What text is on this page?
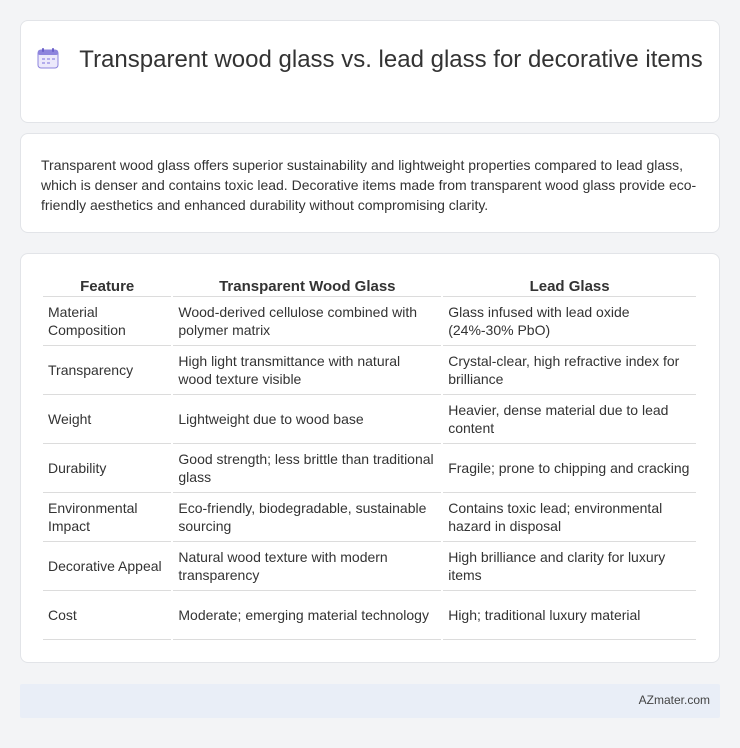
Transparent wood glass vs. lead glass for decorative items

Transparent wood glass offers superior sustainability and lightweight properties compared to lead glass, which is denser and contains toxic lead. Decorative items made from transparent wood glass provide eco-friendly aesthetics and enhanced durability without compromising clarity.

Feature	Transparent Wood Glass	Lead Glass
Material Composition	Wood-derived cellulose combined with polymer matrix	Glass infused with lead oxide (24%-30% PbO)
Transparency	High light transmittance with natural wood texture visible	Crystal-clear, high refractive index for brilliance
Weight	Lightweight due to wood base	Heavier, dense material due to lead content
Durability	Good strength; less brittle than traditional glass	Fragile; prone to chipping and cracking
Environmental Impact	Eco-friendly, biodegradable, sustainable sourcing	Contains toxic lead; environmental hazard in disposal
Decorative Appeal	Natural wood texture with modern transparency	High brilliance and clarity for luxury items
Cost	Moderate; emerging material technology	High; traditional luxury material
AZmater.com
